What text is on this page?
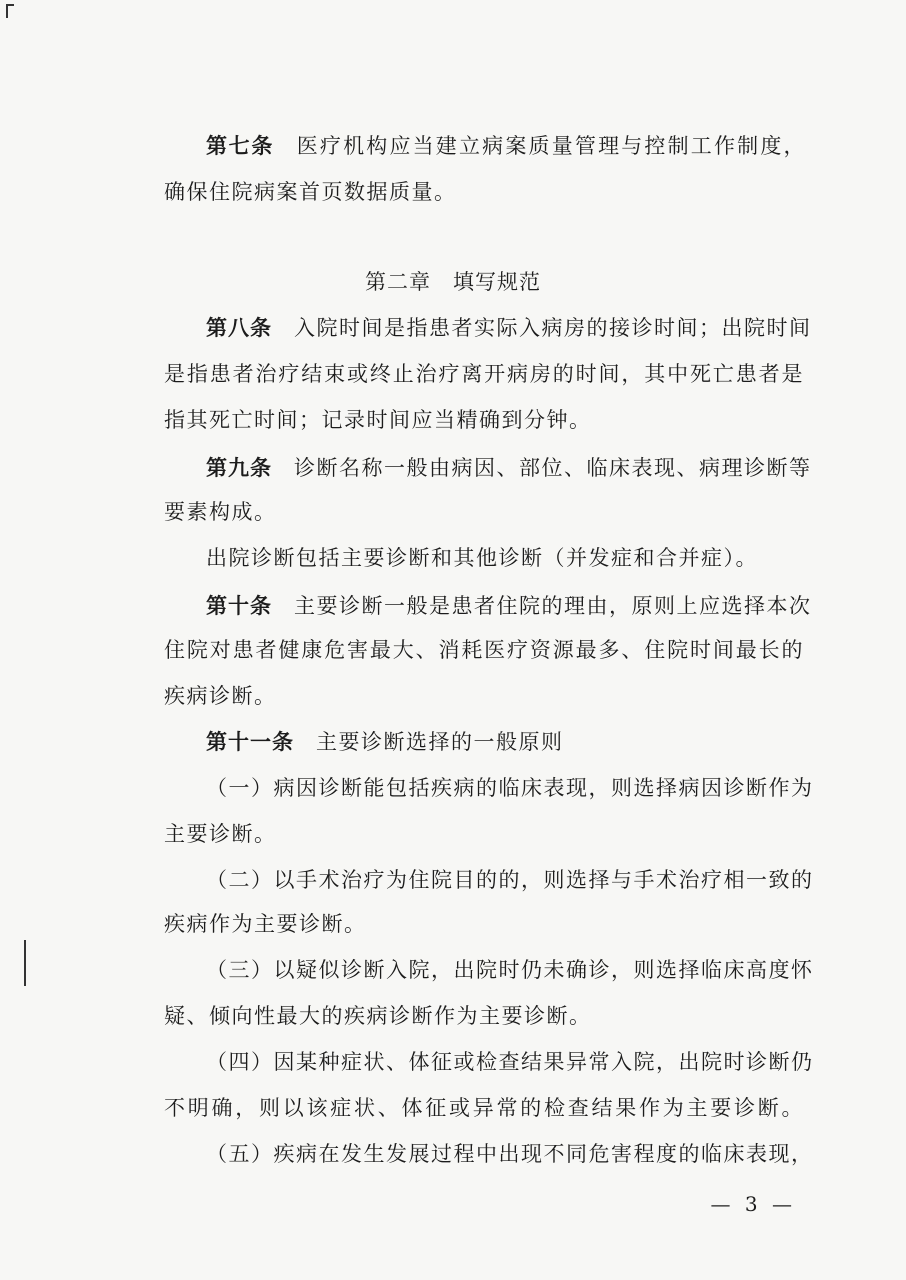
第七条 医疗机构应当建立病案质量管理与控制工作制度，
确保住院病案首页数据质量。
第二章 填写规范
第八条 入院时间是指患者实际入病房的接诊时间；出院时间
是指患者治疗结束或终止治疗离开病房的时间，其中死亡患者是
指其死亡时间；记录时间应当精确到分钟。
第九条 诊断名称一般由病因、部位、临床表现、病理诊断等
要素构成。
出院诊断包括主要诊断和其他诊断（并发症和合并症）。
第十条 主要诊断一般是患者住院的理由，原则上应选择本次
住院对患者健康危害最大、消耗医疗资源最多、住院时间最长的
疾病诊断。
第十一条 主要诊断选择的一般原则
（一）病因诊断能包括疾病的临床表现，则选择病因诊断作为
主要诊断。
（二）以手术治疗为住院目的的，则选择与手术治疗相一致的
疾病作为主要诊断。
（三）以疑似诊断入院，出院时仍未确诊，则选择临床高度怀
疑、倾向性最大的疾病诊断作为主要诊断。
（四）因某种症状、体征或检查结果异常入院，出院时诊断仍
不明确，则以该症状、体征或异常的检查结果作为主要诊断。
（五）疾病在发生发展过程中出现不同危害程度的临床表现，
— 3 —
